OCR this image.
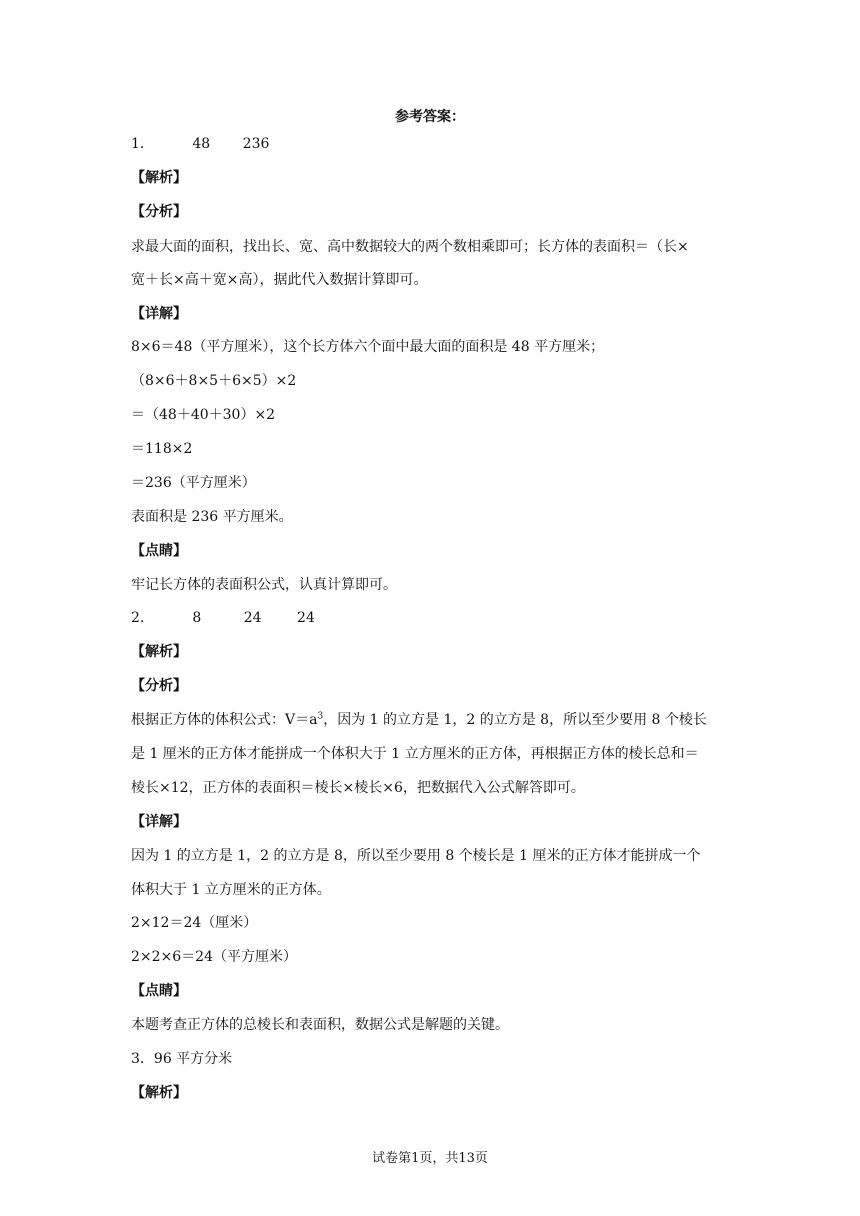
参考答案：
1．	48 236
【解析】
【分析】
求最大面的面积，找出长、宽、高中数据较大的两个数相乘即可；长方体的表面积＝（长×
宽＋长×高＋宽×高），据此代入数据计算即可。
【详解】
8×6＝48（平方厘米），这个长方体六个面中最大面的面积是 48 平方厘米；
（8×6＋8×5＋6×5）×2
＝（48＋40＋30）×2
＝118×2
＝236（平方厘米）
表面积是 236 平方厘米。
【点睛】
牢记长方体的表面积公式，认真计算即可。
2．	8	24	24
【解析】
【分析】
根据正方体的体积公式：$V=a^3$，因为 1 的立方是 1，2 的立方是 8，所以至少要用 8 个棱长
是 1 厘米的正方体才能拼成一个体积大于 1 立方厘米的正方体，再根据正方体的棱长总和＝
棱长×12，正方体的表面积＝棱长×棱长×6，把数据代入公式解答即可。
【详解】
因为 1 的立方是 1，2 的立方是 8，所以至少要用 8 个棱长是 1 厘米的正方体才能拼成一个
体积大于 1 立方厘米的正方体。
2×12＝24（厘米）
2×2×6＝24（平方厘米）
【点睛】
本题考查正方体的总棱长和表面积，数据公式是解题的关键。
3．96 平方分米
【解析】
试卷第1页，共13页
